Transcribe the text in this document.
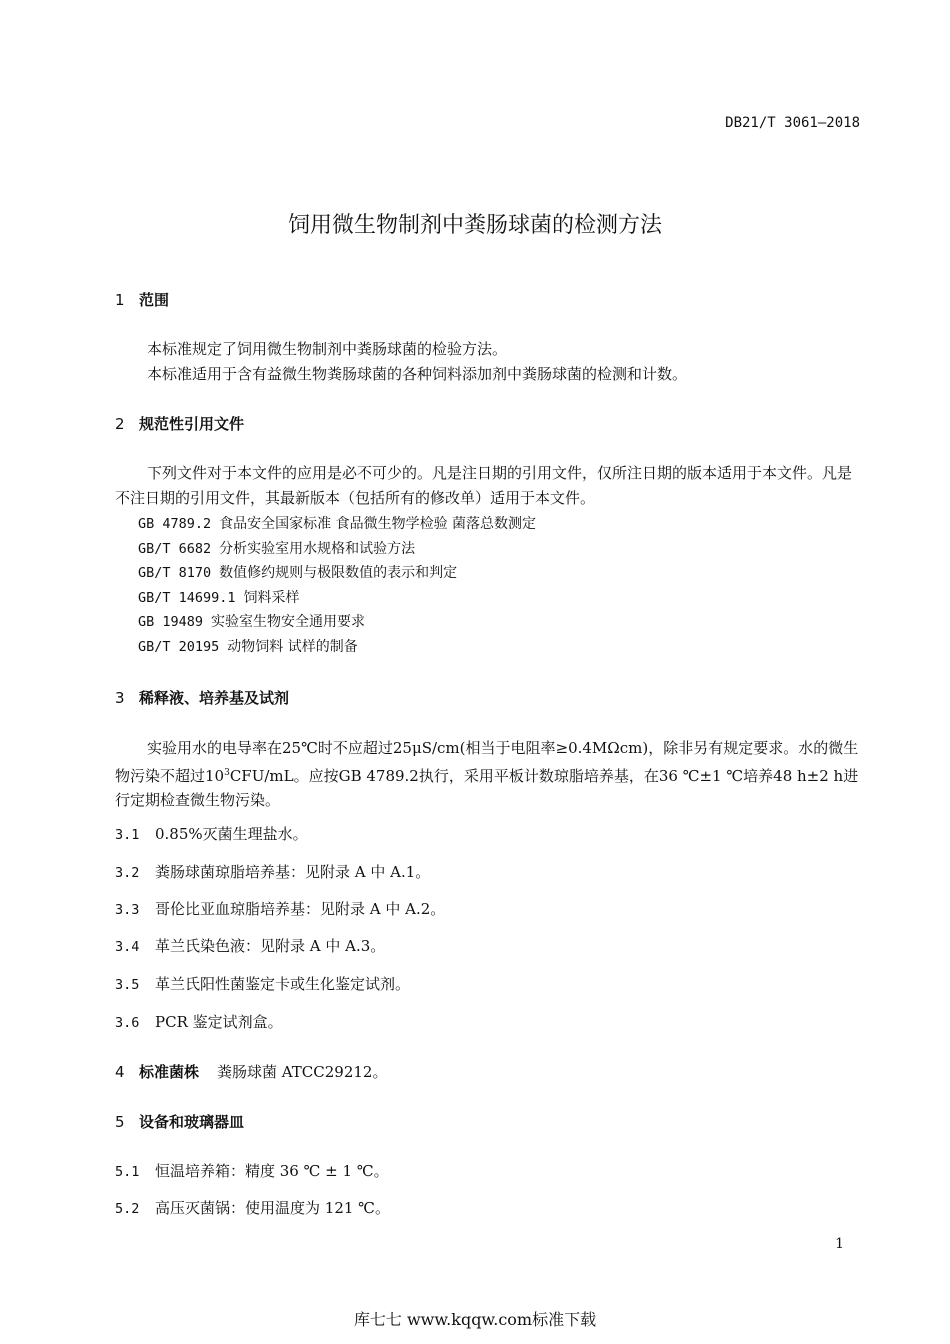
DB21/T 3061—2018
饲用微生物制剂中粪肠球菌的检测方法
1 范围
本标准规定了饲用微生物制剂中粪肠球菌的检验方法。
本标准适用于含有益微生物粪肠球菌的各种饲料添加剂中粪肠球菌的检测和计数。
2 规范性引用文件
下列文件对于本文件的应用是必不可少的。凡是注日期的引用文件，仅所注日期的版本适用于本文件。凡是不注日期的引用文件，其最新版本（包括所有的修改单）适用于本文件。
GB 4789.2 食品安全国家标准 食品微生物学检验 菌落总数测定
GB/T 6682 分析实验室用水规格和试验方法
GB/T 8170 数值修约规则与极限数值的表示和判定
GB/T 14699.1 饲料采样
GB 19489 实验室生物安全通用要求
GB/T 20195 动物饲料 试样的制备
3 稀释液、培养基及试剂
实验用水的电导率在25℃时不应超过25μS/cm(相当于电阻率≥0.4MΩcm)，除非另有规定要求。水的微生物污染不超过$10^3CFU/mL$。应按GB 4789.2执行，采用平板计数琼脂培养基，在36 ℃±1 ℃培养48 h±2 h进行定期检查微生物污染。
3.1 0.85%灭菌生理盐水。
3.2 粪肠球菌琼脂培养基：见附录 A 中 A.1。
3.3 哥伦比亚血琼脂培养基：见附录 A 中 A.2。
3.4 革兰氏染色液：见附录 A 中 A.3。
3.5 革兰氏阳性菌鉴定卡或生化鉴定试剂。
3.6 PCR 鉴定试剂盒。
4 标准菌株 粪肠球菌 ATCC29212。
5 设备和玻璃器皿
5.1 恒温培养箱：精度 36 ℃ ± 1 ℃。
5.2 高压灭菌锅：使用温度为 121 ℃。
1
库七七 www.kqqw.com标准下载
